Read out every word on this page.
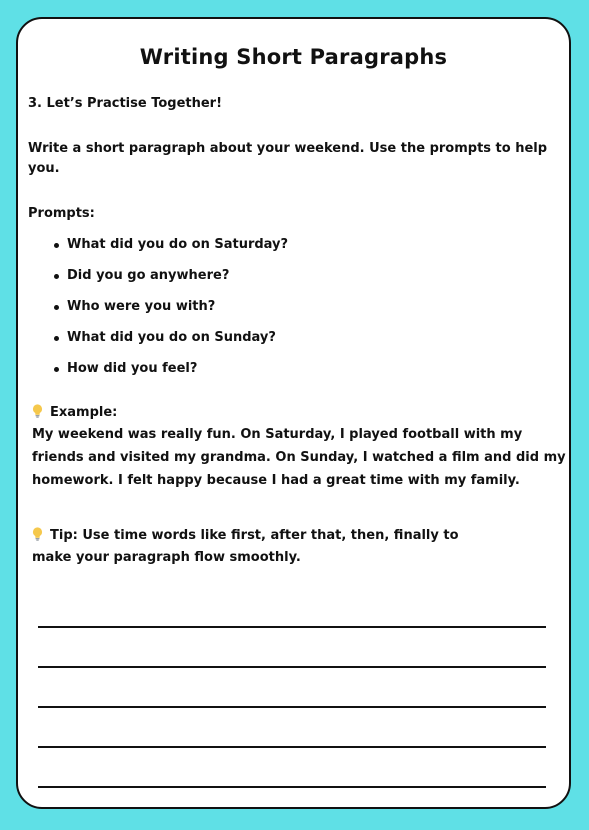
Writing Short Paragraphs
3. Let’s Practise Together!
Write a short paragraph about your weekend. Use the prompts to help you.
Prompts:
What did you do on Saturday?
Did you go anywhere?
Who were you with?
What did you do on Sunday?
How did you feel?
Example:
My weekend was really fun. On Saturday, I played football with my
friends and visited my grandma. On Sunday, I watched a film and did my
homework. I felt happy because I had a great time with my family.
Tip: Use time words like first, after that, then, finally to
make your paragraph flow smoothly.
